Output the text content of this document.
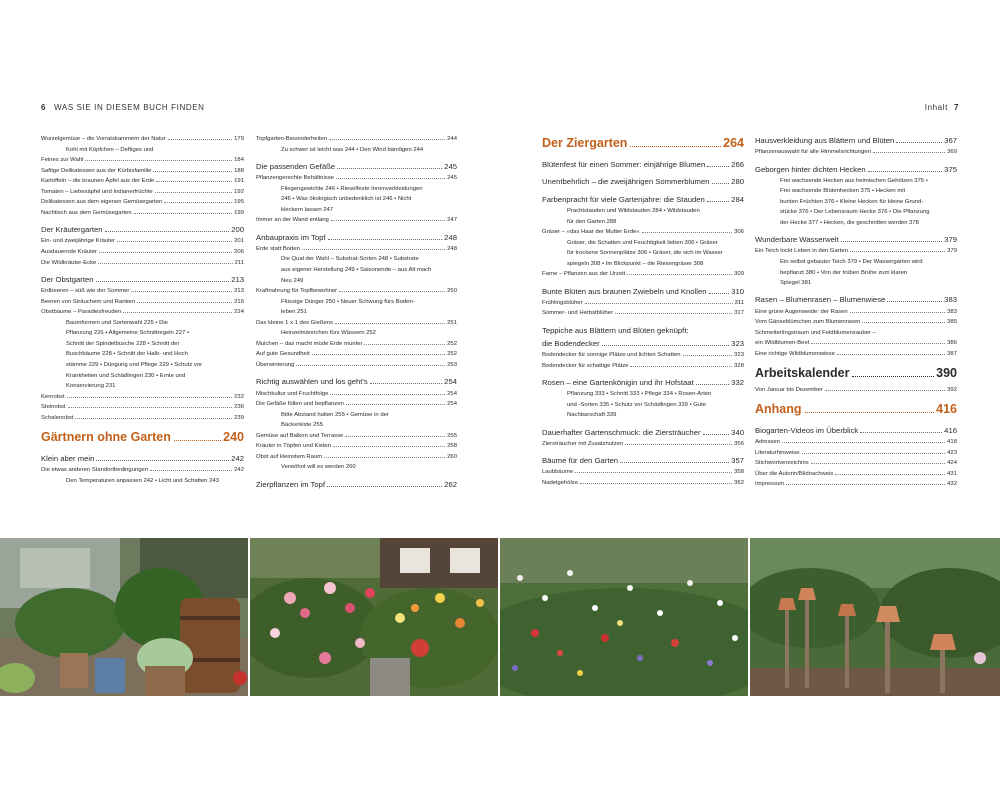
6 WAS SIE IN DIESEM BUCH FINDEN	Inhalt 7
Wurzelgemüse – die Vorratskammern der Natur	179
Kohl mit Köpfchen – Deftiges und
Feines zur Wahl	184
Saftige Delikatessen aus der Kürbisfamilie	188
Kartoffeln – die braunen Äpfel aus der Erde	191
Tomaten – Liebesäpfel und Indianerfrüchte	192
Delikatessen aus dem eigenen Gemüsegarten	195
Nachtisch aus dem Gemüsegarten	199
Der Kräutergarten	200
Ein- und zweijährige Kräuter	201
Ausdauernde Kräuter	206
Die Wildkräuter-Ecke	211
Der Obstgarten	213
Erdbeeren – süß wie der Sommer	213
Beeren von Sträuchern und Ranken	216
Obstbäume – Paradiesfreuden	224
Baumformen und Sortenwahl 225 • Die
Pflanzung 226 • Allgemeine Schnittregeln 227 •
Schnitt der Spindelbüsche 228 • Schnitt der
Buschbäume 228 • Schnitt der Halb- und Hoch
stämme 229 • Düngung und Pflege 229 • Schutz vor
Krankheiten und Schädlingen 230 • Ernte und
Konservierung 231
Kernobst	232
Steinobst	236
Schalenobst	239
Gärtnern ohne Garten	240
Klein aber mein	242
Die etwas anderen Standortbedingungen	242
Den Temperaturen anpassen 242 • Licht und Schatten 243
Topfgarten-Besonderheiten	244
Zu schwer ist leicht was 244 • Den Wind bändigen 244
Die passenden Gefäße	245
Pflanzengerechte Behältnisse	245
Fliegengewichte 246 • Rieselfeste Innenverkleidungen
246 • Was ökologisch unbedenklich ist 246 • Nicht
kleckern lassen 247
Immer an der Wand entlang	247
Anbaupraxis im Topf	248
Erde statt Boden	248
Die Qual der Wahl – Substrat-Sorten 248 • Substrate
aus eigener Herstellung 249 • Saisonende – aus Alt mach
Neu 249
Kraftnahrung für Topfbewohner	250
Flüssige Dünger 250 • Neuer Schwung fürs Boden-
leben 251
Das kleine 1 x 1 des Gießens	251
Heinzelmännchen fürs Wässern 252
Mulchen – das macht müde Erde munter	252
Auf gute Gesundheit	252
Überwinterung	253
Richtig auswählen und los geht's	254
Mischkultur und Fruchtfolge	254
Die Gefäße füllen und bepflanzen	254
Bitte Abstand halten 255 • Gemüse in der
Bäckerkiste 255
Gemüse auf Balkon und Terrasse	255
Kräuter in Töpfen und Kisten	258
Obst auf kleinstem Raum	260
Verwöhnt will es werden 260
Zierpflanzen im Topf	262
Der Ziergarten	264
Blütenfest für einen Sommer: einjährige Blumen	266
Unentbehrlich – die zweijährigen Sommerblumen	280
Farbenpracht für viele Gartenjahre: die Stauden	284
Prachtstauden und Wildstauden 284 • Wildstauden
für den Garten 288
Gräser – »das Haar der Mutter Erde«	306
Gräser, die Schatten und Feuchtigkeit lieben 306 • Gräser
für trockene Sonnenplätze 306 • Gräser, die sich im Wasser
spiegeln 308 • Im Blickpunkt – die Riesengräser 308
Farne – Pflanzen aus der Urzeit	309
Bunte Blüten aus braunen Zwiebeln und Knollen	310
Frühlingsblüher	311
Sommer- und Herbstblüher	317
Teppiche aus Blättern und Blüten geknüpft:
die Bodendecker	323
Bodendecker für sonnige Plätze und lichten Schatten	323
Bodendecker für schattige Plätze	328
Rosen – eine Gartenkönigin und ihr Hofstaat	332
Pflanzung 333 • Schnitt 333 • Pflege 334 • Rosen-Arten
und -Sorten 335 • Schutz vor Schädlingen 339 • Gute
Nachbarschaft 339
Dauerhafter Gartenschmuck: die Ziersträucher	340
Ziersträucher mit Zusatznutzen	356
Bäume für den Garten	357
Laubbäume	358
Nadelgehölze	362
Hausverkleidung aus Blättern und Blüten	367
Pflanzenauswahl für alle Himmelsrichtungen	369
Geborgen hinter dichten Hecken	375
Frei wachsende Hecken aus heimischen Gehölzen 375 •
Frei wachsende Blütenhecken 375 • Hecken mit
bunten Früchten 376 • Kleine Hecken für kleine Grund-
stücke 376 • Der Lebensraum Hecke 376 • Die Pflanzung
der Hecke 377 • Hecken, die geschnitten werden 378
Wunderbare Wasserwelt	379
Ein Teich lockt Leben in den Garten	379
Ein selbst gebauter Teich 379 • Der Wassergarten wird
bepflanzt 380 • Von der trüben Brühe zum klaren
Spiegel 381
Rasen – Blumenrasen – Blumenwiese	383
Eine grüne Augenweide: der Rasen	383
Vom Gänseblümchen zum Blumenrasen	385
Schmetterlingstraum und Feldblumenzauber –
ein Wildblumen-Beet	386
Eine richtige Wildblumenwiese	387
Arbeitskalender	390
Von Januar bis Dezember	392
Anhang	416
Biogarten-Videos im Überblick	416
Adressen	418
Literaturhinweise	423
Stichwortverzeichnis	424
Über die Autorin/Bildnachweis	431
Impressum	432
